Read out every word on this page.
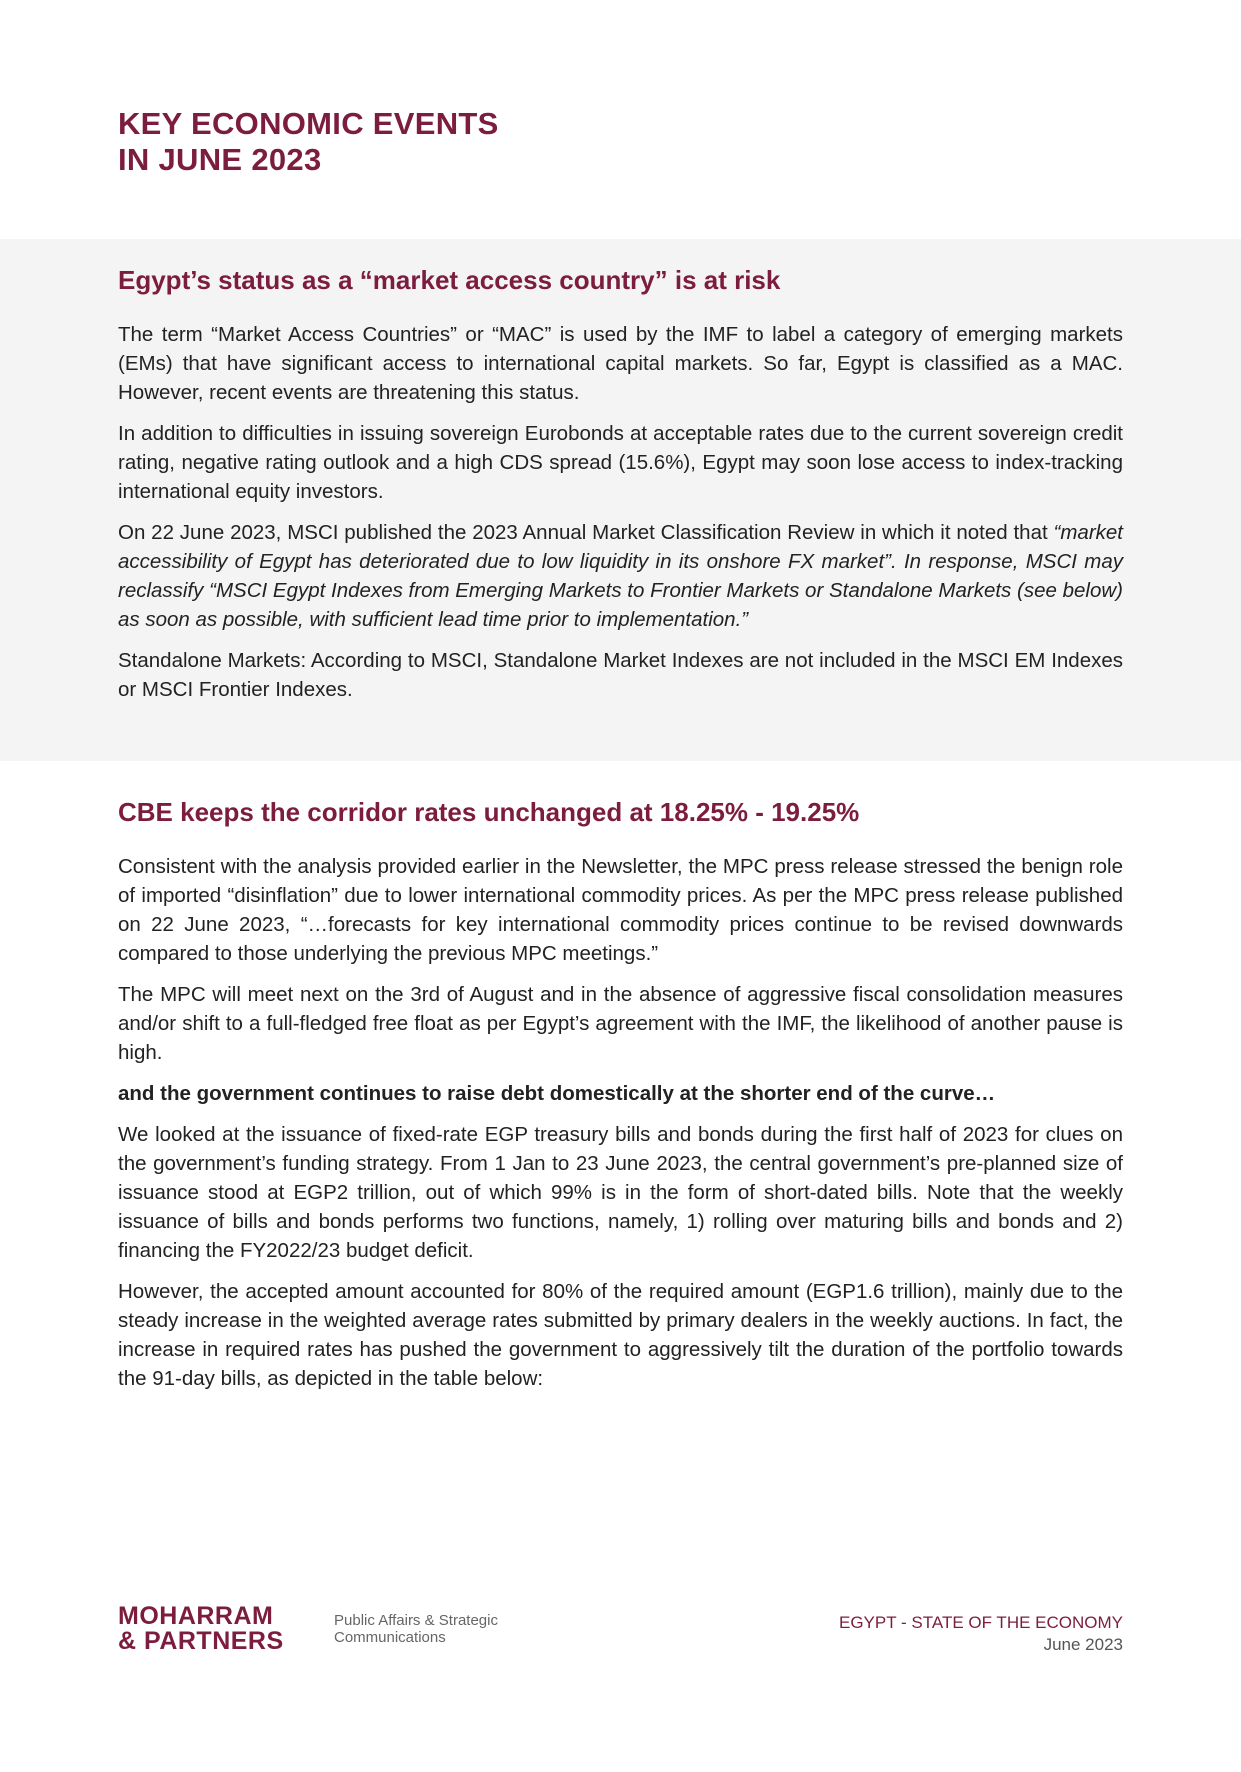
KEY ECONOMIC EVENTS
IN JUNE 2023
Egypt’s status as a “market access country” is at risk

The term “Market Access Countries” or “MAC” is used by the IMF to label a category of emerging markets (EMs) that have significant access to international capital markets. So far, Egypt is classified as a MAC. However, recent events are threatening this status.

In addition to difficulties in issuing sovereign Eurobonds at acceptable rates due to the current sovereign credit rating, negative rating outlook and a high CDS spread (15.6%), Egypt may soon lose access to index-tracking international equity investors.

On 22 June 2023, MSCI published the 2023 Annual Market Classification Review in which it noted that “market accessibility of Egypt has deteriorated due to low liquidity in its onshore FX market”. In response, MSCI may reclassify “MSCI Egypt Indexes from Emerging Markets to Frontier Markets or Standalone Markets (see below) as soon as possible, with sufficient lead time prior to implementation.”

Standalone Markets: According to MSCI, Standalone Market Indexes are not included in the MSCI EM Indexes or MSCI Frontier Indexes.

CBE keeps the corridor rates unchanged at 18.25% - 19.25%

Consistent with the analysis provided earlier in the Newsletter, the MPC press release stressed the benign role of imported “disinflation” due to lower international commodity prices. As per the MPC press release published on 22 June 2023, “…forecasts for key international commodity prices continue to be revised downwards compared to those underlying the previous MPC meetings.”

The MPC will meet next on the 3rd of August and in the absence of aggressive fiscal consolidation measures and/or shift to a full-fledged free float as per Egypt’s agreement with the IMF, the likelihood of another pause is high.

and the government continues to raise debt domestically at the shorter end of the curve…

We looked at the issuance of fixed-rate EGP treasury bills and bonds during the first half of 2023 for clues on the government’s funding strategy. From 1 Jan to 23 June 2023, the central government’s pre-planned size of issuance stood at EGP2 trillion, out of which 99% is in the form of short-dated bills. Note that the weekly issuance of bills and bonds performs two functions, namely, 1) rolling over maturing bills and bonds and 2) financing the FY2022/23 budget deficit.

However, the accepted amount accounted for 80% of the required amount (EGP1.6 trillion), mainly due to the steady increase in the weighted average rates submitted by primary dealers in the weekly auctions. In fact, the increase in required rates has pushed the government to aggressively tilt the duration of the portfolio towards the 91-day bills, as depicted in the table below:

MOHARRAM
& PARTNERS
Public Affairs & Strategic
Communications
EGYPT - STATE OF THE ECONOMY
June 2023
